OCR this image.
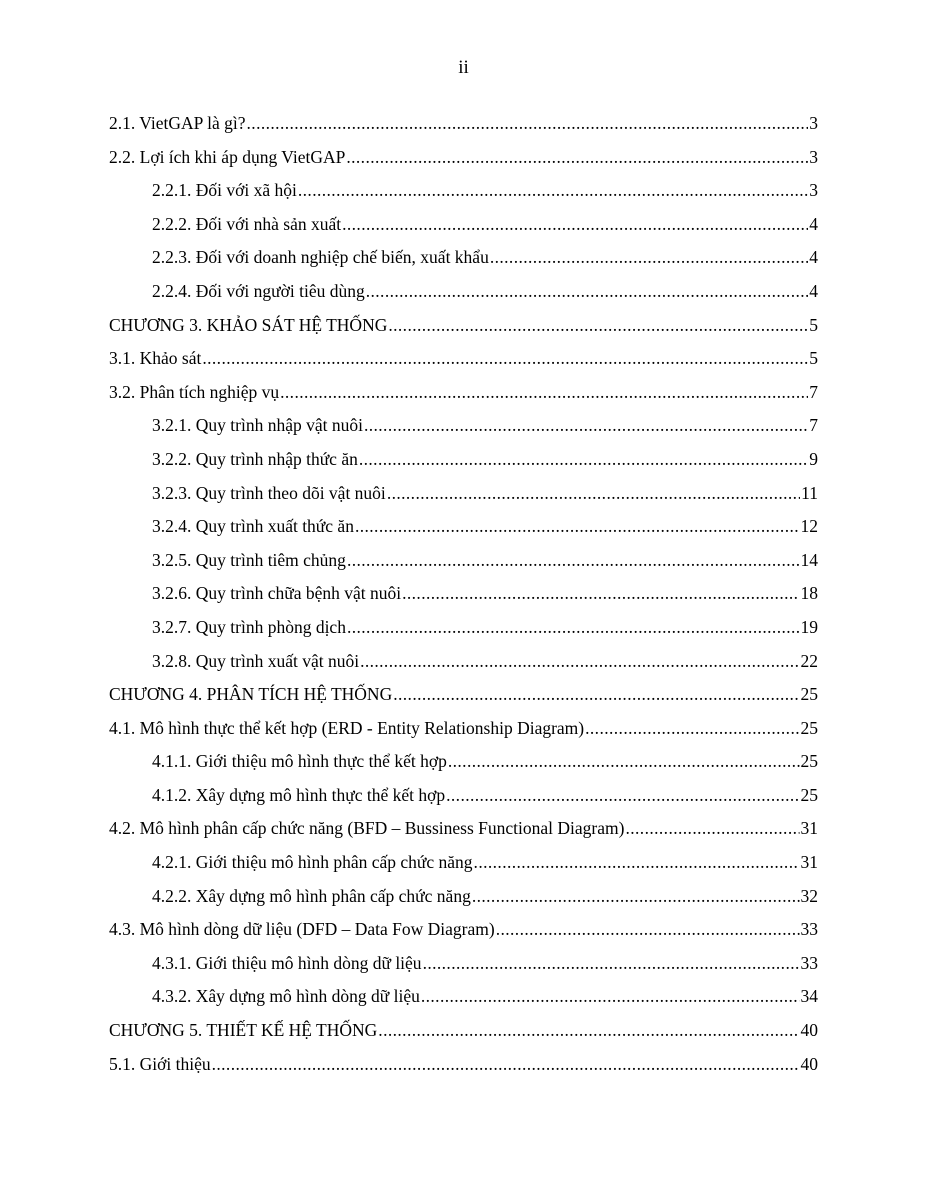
ii
2.1. VietGAP là gì? .....	3
2.2. Lợi ích khi áp dụng VietGAP .....	3
2.2.1. Đối với xã hội .....	3
2.2.2. Đối với nhà sản xuất .....	4
2.2.3. Đối với doanh nghiệp chế biến, xuất khẩu .....	4
2.2.4. Đối với người tiêu dùng .....	4
CHƯƠNG 3. KHẢO SÁT HỆ THỐNG .....	5
3.1. Khảo sát .....	5
3.2. Phân tích nghiệp vụ .....	7
3.2.1. Quy trình nhập vật nuôi .....	7
3.2.2. Quy trình nhập thức ăn .....	9
3.2.3. Quy trình theo dõi vật nuôi .....	11
3.2.4. Quy trình xuất thức ăn .....	12
3.2.5. Quy trình tiêm chủng .....	14
3.2.6. Quy trình chữa bệnh vật nuôi .....	18
3.2.7. Quy trình phòng dịch .....	19
3.2.8. Quy trình xuất vật nuôi .....	22
CHƯƠNG 4. PHÂN TÍCH HỆ THỐNG .....	25
4.1. Mô hình thực thể kết hợp (ERD - Entity Relationship Diagram) .....	25
4.1.1. Giới thiệu mô hình thực thể kết hợp .....	25
4.1.2. Xây dựng mô hình thực thể kết hợp .....	25
4.2. Mô hình phân cấp chức năng (BFD – Bussiness Functional Diagram) .....	31
4.2.1. Giới thiệu mô hình phân cấp chức năng .....	31
4.2.2. Xây dựng mô hình phân cấp chức năng .....	32
4.3. Mô hình dòng dữ liệu (DFD – Data Fow Diagram) .....	33
4.3.1. Giới thiệu mô hình dòng dữ liệu .....	33
4.3.2. Xây dựng mô hình dòng dữ liệu .....	34
CHƯƠNG 5. THIẾT KẾ HỆ THỐNG .....	40
5.1. Giới thiệu .....	40
